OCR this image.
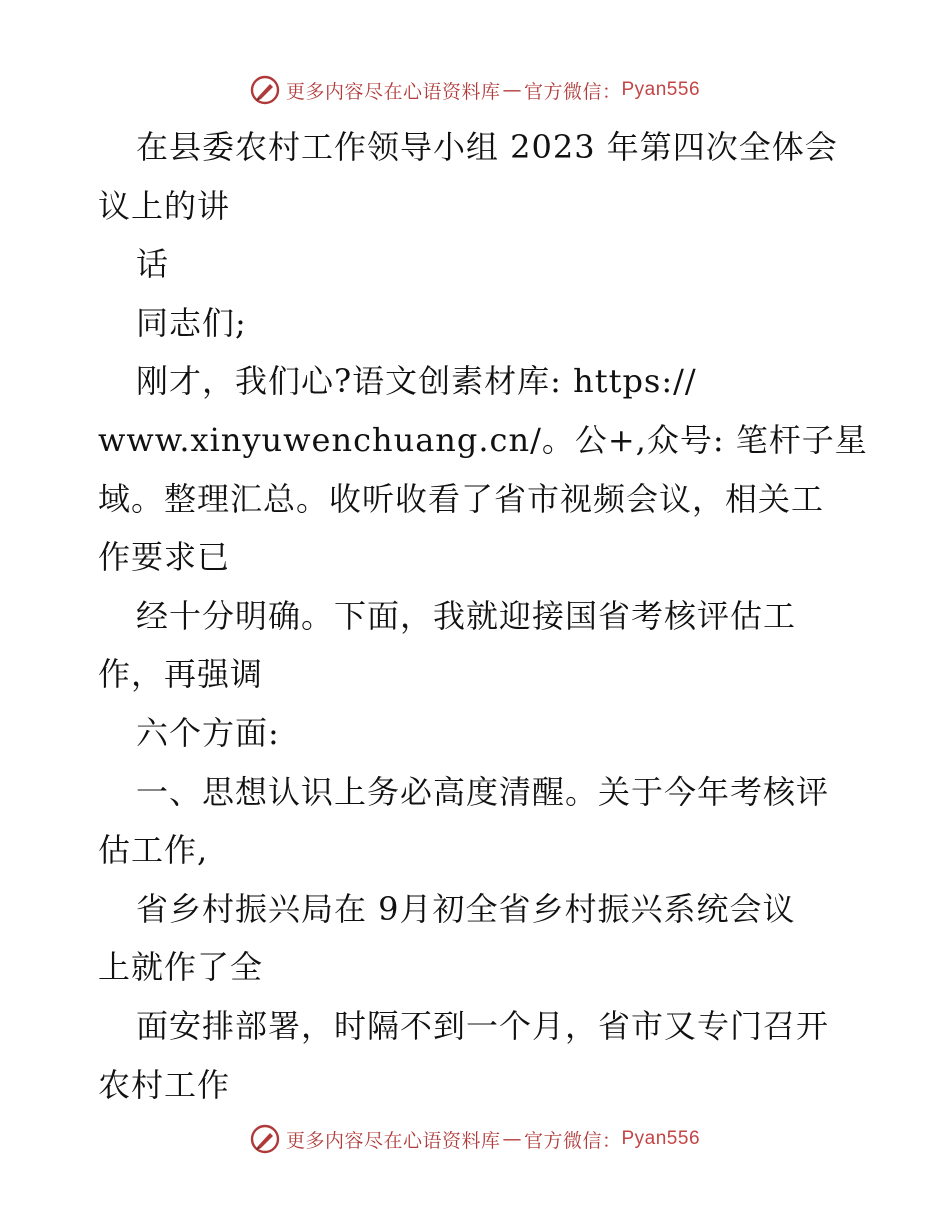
更多内容尽在心语资料库 — 官方微信： Pyan556
在县委农村工作领导小组 2023 年第四次全体会
议上的讲
话
同志们;
刚才，我们心?语文创素材库: https://
www.xinyuwenchuang.cn/。公+,众号: 笔杆子星
域。整理汇总。收听收看了省市视频会议，相关工
作要求已
经十分明确。下面，我就迎接国省考核评估工
作，再强调
六个方面:
一、思想认识上务必高度清醒。关于今年考核评
估工作,
省乡村振兴局在 9月初全省乡村振兴系统会议
上就作了全
面安排部署，时隔不到一个月，省市又专门召开
农村工作
更多内容尽在心语资料库 — 官方微信： Pyan556
